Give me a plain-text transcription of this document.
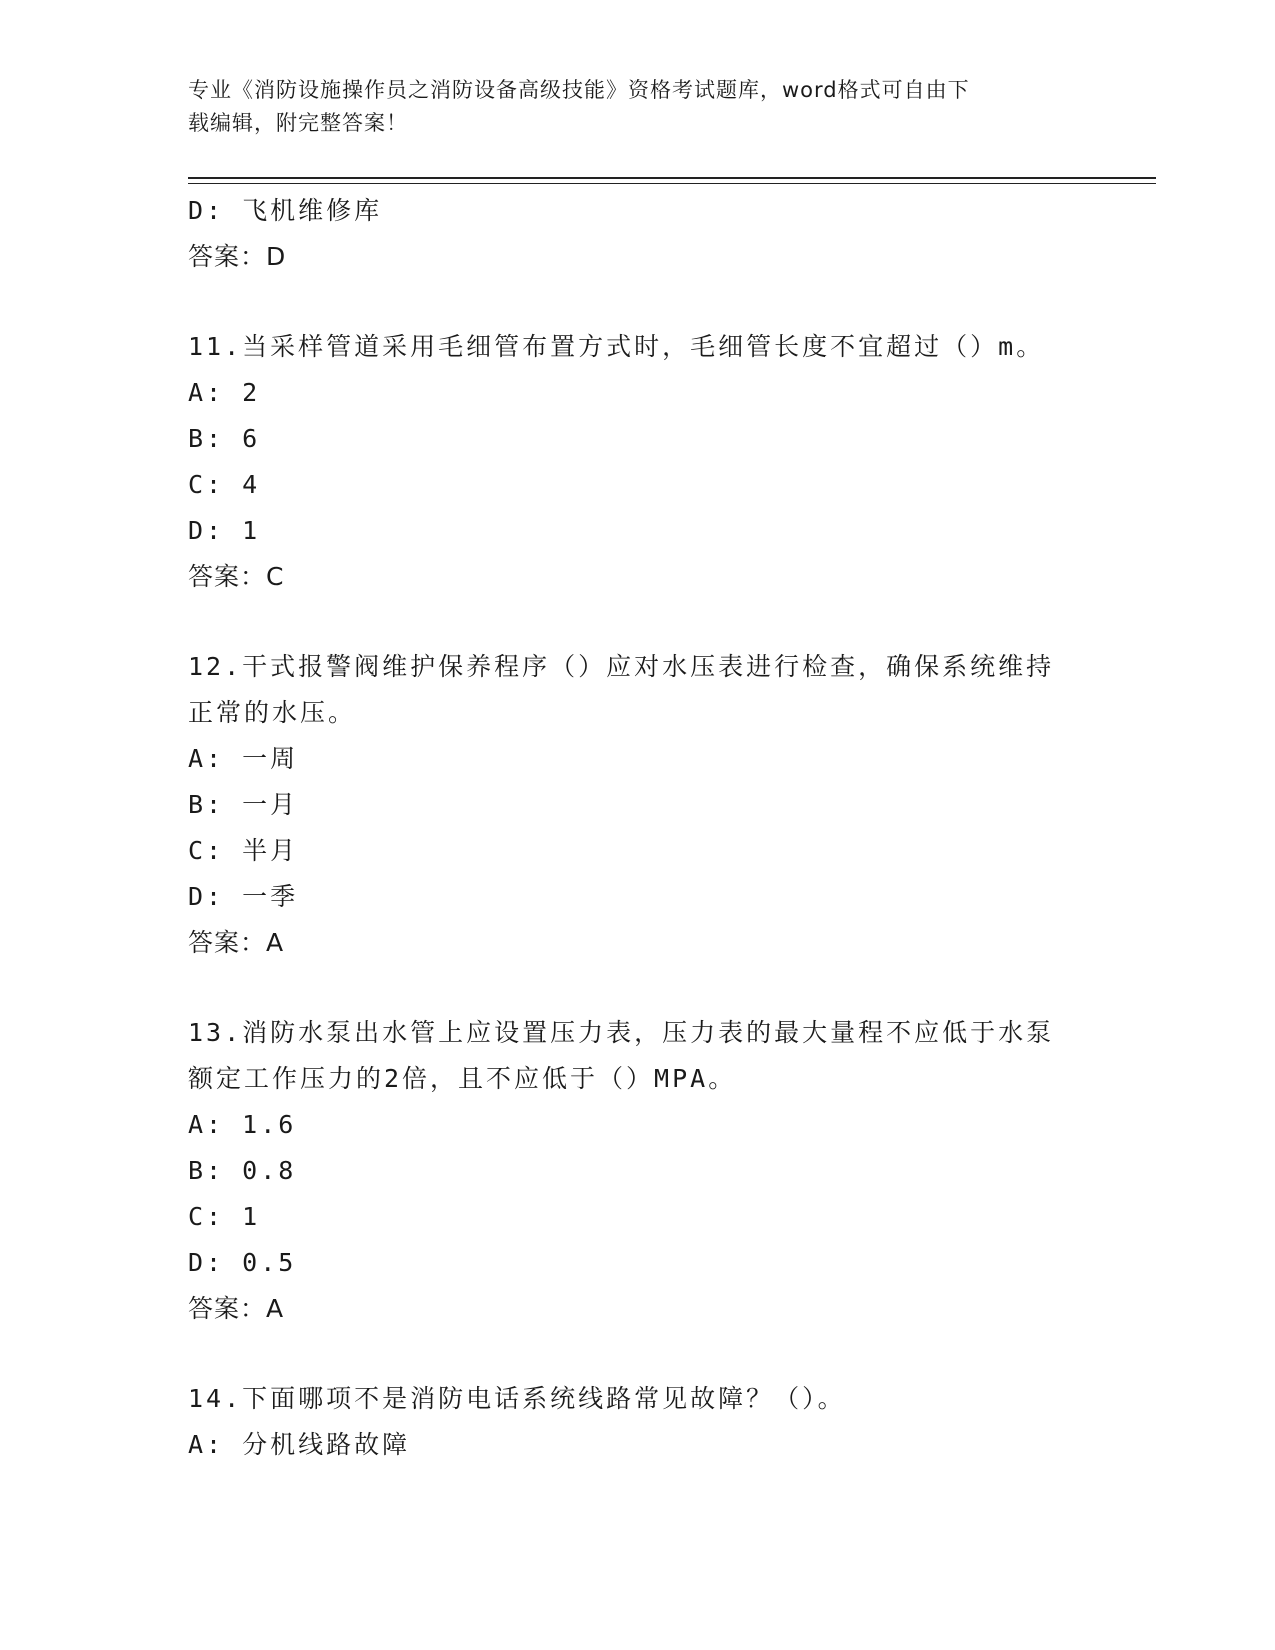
专业《消防设施操作员之消防设备高级技能》资格考试题库，word格式可自由下
载编辑，附完整答案！
D: 飞机维修库
答案：D
11.当采样管道采用毛细管布置方式时，毛细管长度不宜超过（）m。
A: 2
B: 6
C: 4
D: 1
答案：C
12.干式报警阀维护保养程序（）应对水压表进行检查，确保系统维持
正常的水压。
A: 一周
B: 一月
C: 半月
D: 一季
答案：A
13.消防水泵出水管上应设置压力表，压力表的最大量程不应低于水泵
额定工作压力的2倍，且不应低于（）MPA。
A: 1.6
B: 0.8
C: 1
D: 0.5
答案：A
14.下面哪项不是消防电话系统线路常见故障？（）。
A: 分机线路故障
